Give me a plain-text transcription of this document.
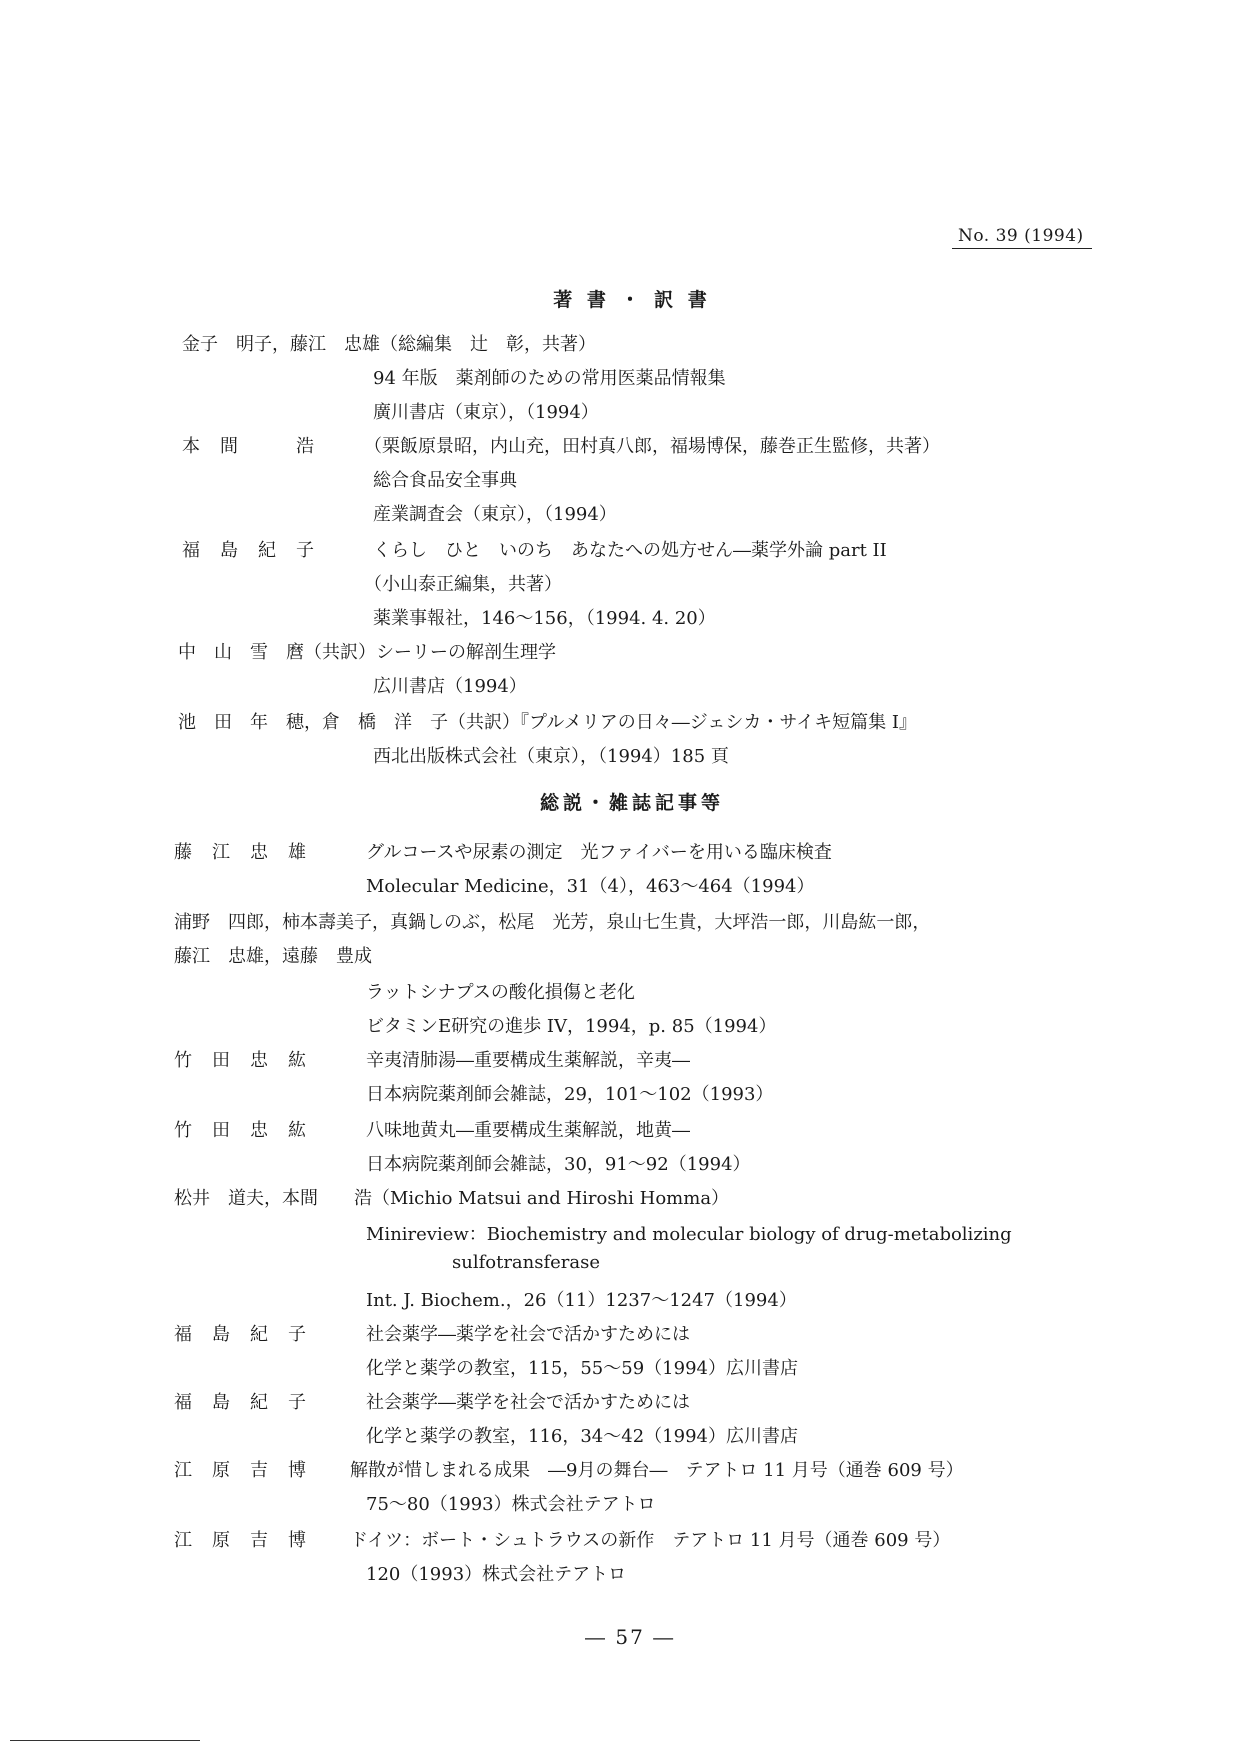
No. 39 (1994)
著 書 ・ 訳 書
金子　明子，藤江　忠雄（総編集　辻　彰，共著）
94 年版　薬剤師のための常用医薬品情報集
廣川書店（東京），（1994）
本　間　　　浩	（栗飯原景昭，内山充，田村真八郎，福場博保，藤巻正生監修，共著）
総合食品安全事典
産業調査会（東京），（1994）
福　島　紀　子	くらし　ひと　いのち　あなたへの処方せん―薬学外論 part II
（小山泰正編集，共著）
薬業事報社，146～156，（1994. 4. 20）
中　山　雪　麿（共訳）シーリーの解剖生理学
広川書店（1994）
池　田　年　穂，倉　橋　洋　子（共訳）『プルメリアの日々―ジェシカ・サイキ短篇集 I』
西北出版株式会社（東京），（1994）185 頁
総説・雑誌記事等
藤　江　忠　雄	グルコースや尿素の測定　光ファイバーを用いる臨床検査
Molecular Medicine，31（4），463～464（1994）
浦野　四郎，柿本壽美子，真鍋しのぶ，松尾　光芳，泉山七生貴，大坪浩一郎，川島紘一郎，
藤江　忠雄，遠藤　豊成
ラットシナプスの酸化損傷と老化
ビタミンE研究の進歩 IV，1994，p. 85（1994）
竹　田　忠　紘	辛夷清肺湯―重要構成生薬解説，辛夷―
日本病院薬剤師会雑誌，29，101～102（1993）
竹　田　忠　紘	八味地黄丸―重要構成生薬解説，地黄―
日本病院薬剤師会雑誌，30，91～92（1994）
松井　道夫，本間　　浩（Michio Matsui and Hiroshi Homma）
Minireview：Biochemistry and molecular biology of drug-metabolizing
sulfotransferase
Int. J. Biochem.，26（11）1237～1247（1994）
福　島　紀　子	社会薬学―薬学を社会で活かすためには
化学と薬学の教室，115，55～59（1994）広川書店
福　島　紀　子	社会薬学―薬学を社会で活かすためには
化学と薬学の教室，116，34～42（1994）広川書店
江　原　吉　博 解散が惜しまれる成果　―9月の舞台―　テアトロ 11 月号（通巻 609 号）
75～80（1993）株式会社テアトロ
江　原　吉　博 ドイツ：ボート・シュトラウスの新作　テアトロ 11 月号（通巻 609 号）
120（1993）株式会社テアトロ
― 57 ―
